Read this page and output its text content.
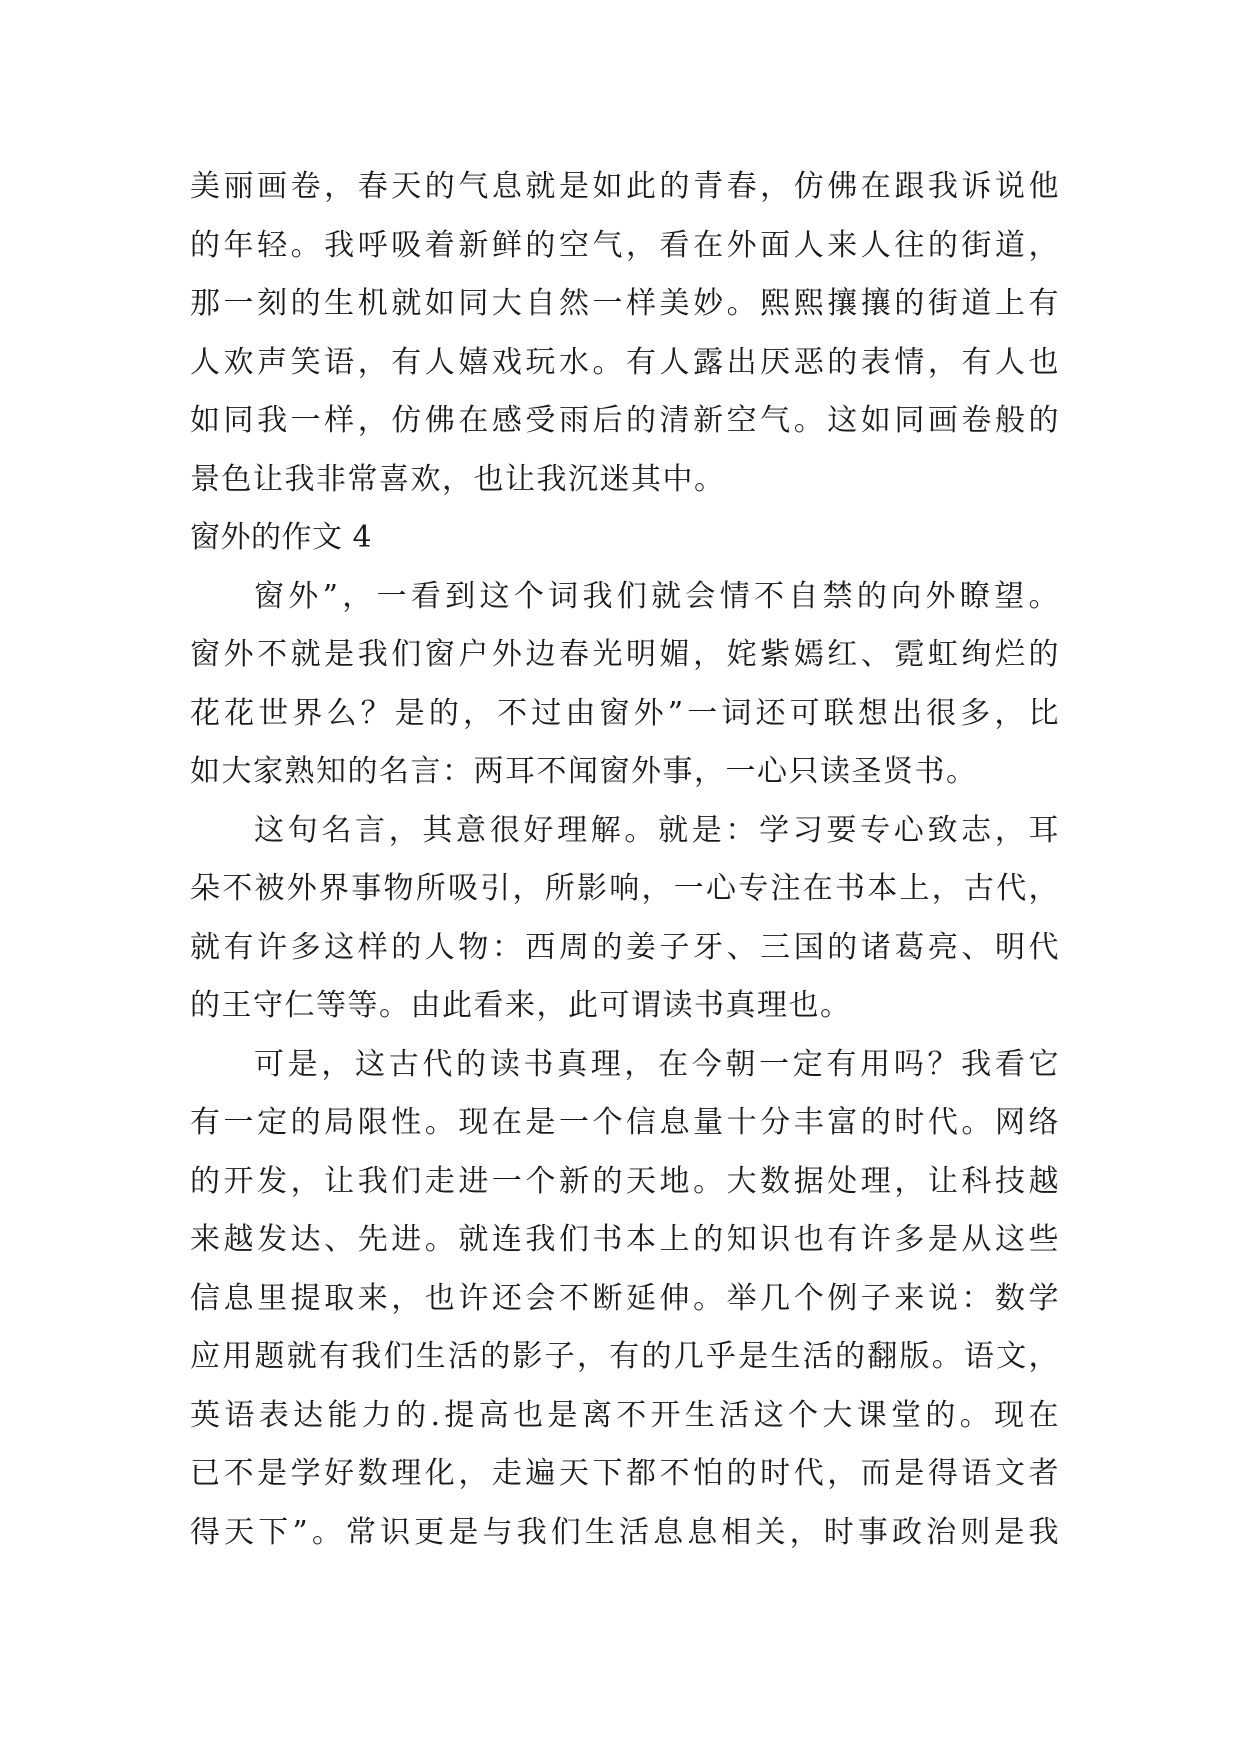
美丽画卷，春天的气息就是如此的青春，仿佛在跟我诉说他
的年轻。我呼吸着新鲜的空气，看在外面人来人往的街道，
那一刻的生机就如同大自然一样美妙。熙熙攘攘的街道上有
人欢声笑语，有人嬉戏玩水。有人露出厌恶的表情，有人也
如同我一样，仿佛在感受雨后的清新空气。这如同画卷般的
景色让我非常喜欢，也让我沉迷其中。
窗外的作文 4
窗外”，一看到这个词我们就会情不自禁的向外瞭望。
窗外不就是我们窗户外边春光明媚，姹紫嫣红、霓虹绚烂的
花花世界么？是的，不过由窗外”一词还可联想出很多，比
如大家熟知的名言：两耳不闻窗外事，一心只读圣贤书。
这句名言，其意很好理解。就是：学习要专心致志，耳
朵不被外界事物所吸引，所影响，一心专注在书本上，古代，
就有许多这样的人物：西周的姜子牙、三国的诸葛亮、明代
的王守仁等等。由此看来，此可谓读书真理也。
可是，这古代的读书真理，在今朝一定有用吗？我看它
有一定的局限性。现在是一个信息量十分丰富的时代。网络
的开发，让我们走进一个新的天地。大数据处理，让科技越
来越发达、先进。就连我们书本上的知识也有许多是从这些
信息里提取来，也许还会不断延伸。举几个例子来说：数学
应用题就有我们生活的影子，有的几乎是生活的翻版。语文，
英语表达能力的.提高也是离不开生活这个大课堂的。现在
已不是学好数理化，走遍天下都不怕的时代，而是得语文者
得天下”。常识更是与我们生活息息相关，时事政治则是我
